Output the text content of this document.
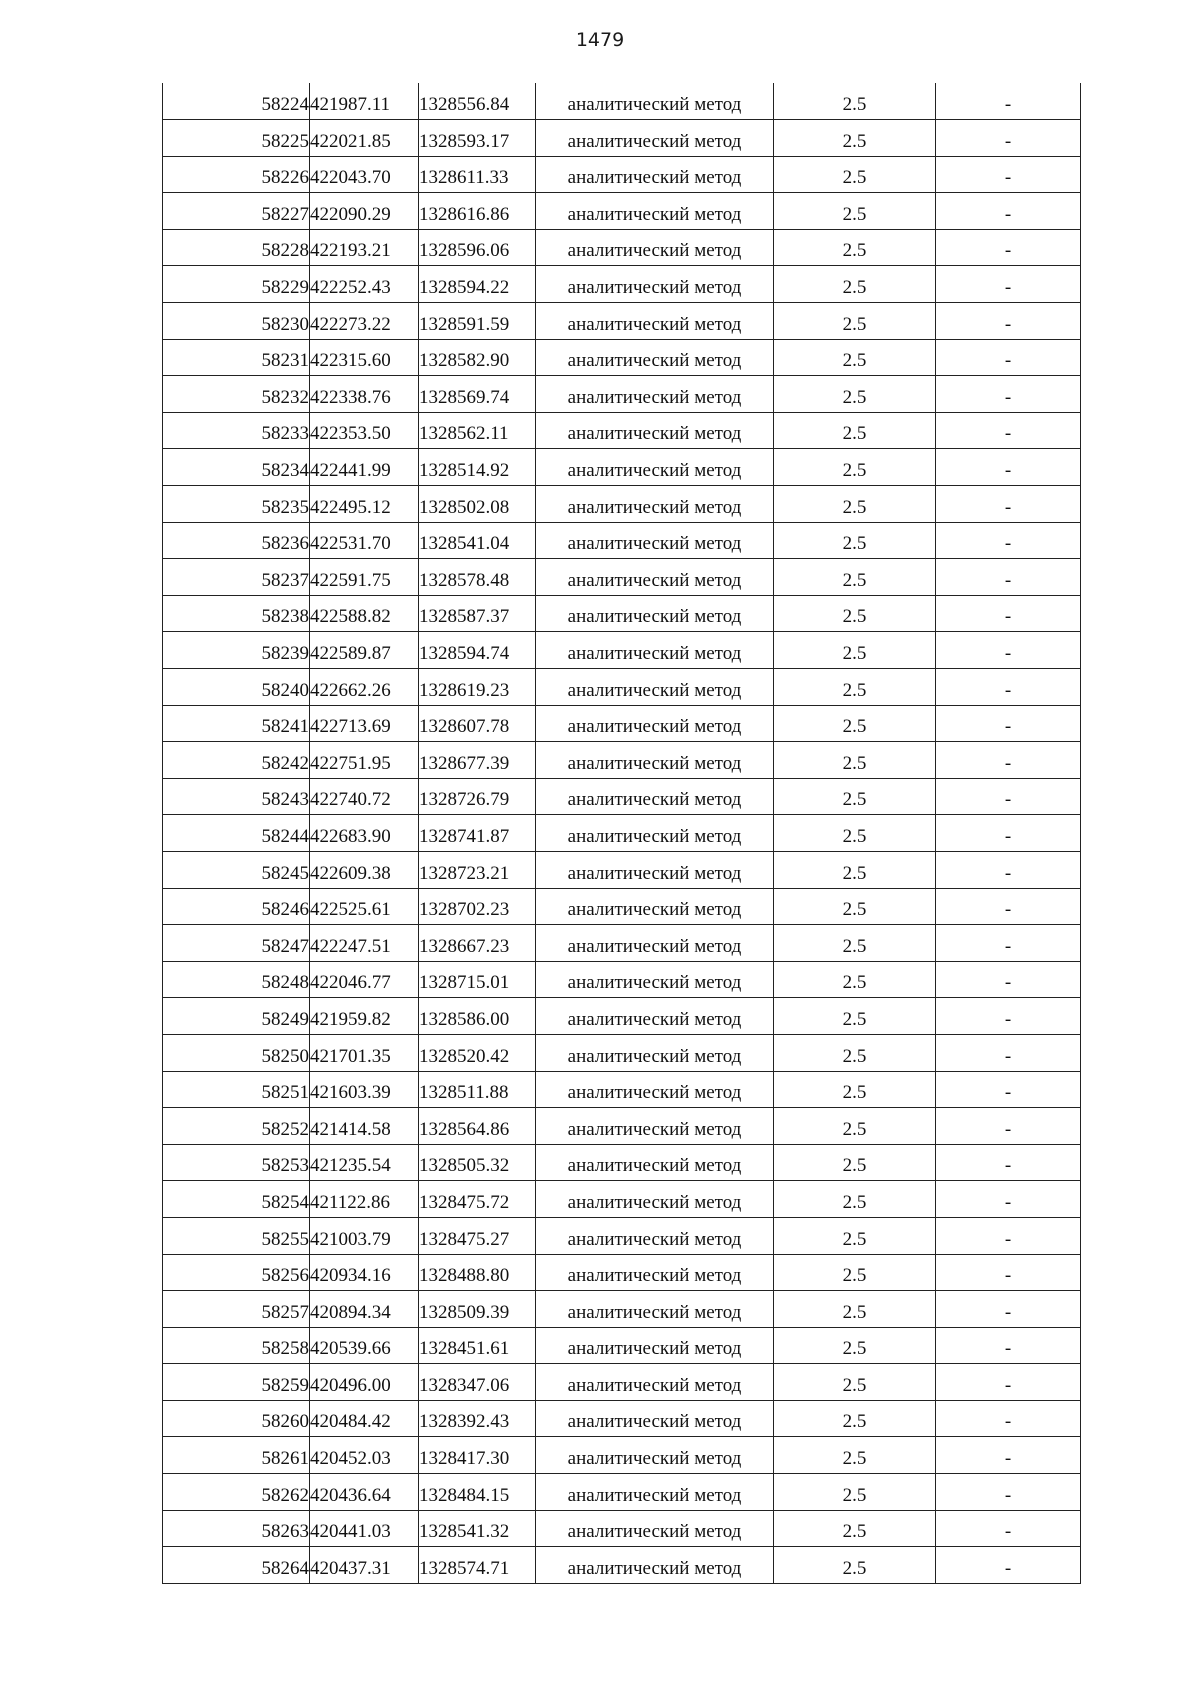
1479
58224	421987.11	1328556.84	аналитический метод	2.5	-
58225	422021.85	1328593.17	аналитический метод	2.5	-
58226	422043.70	1328611.33	аналитический метод	2.5	-
58227	422090.29	1328616.86	аналитический метод	2.5	-
58228	422193.21	1328596.06	аналитический метод	2.5	-
58229	422252.43	1328594.22	аналитический метод	2.5	-
58230	422273.22	1328591.59	аналитический метод	2.5	-
58231	422315.60	1328582.90	аналитический метод	2.5	-
58232	422338.76	1328569.74	аналитический метод	2.5	-
58233	422353.50	1328562.11	аналитический метод	2.5	-
58234	422441.99	1328514.92	аналитический метод	2.5	-
58235	422495.12	1328502.08	аналитический метод	2.5	-
58236	422531.70	1328541.04	аналитический метод	2.5	-
58237	422591.75	1328578.48	аналитический метод	2.5	-
58238	422588.82	1328587.37	аналитический метод	2.5	-
58239	422589.87	1328594.74	аналитический метод	2.5	-
58240	422662.26	1328619.23	аналитический метод	2.5	-
58241	422713.69	1328607.78	аналитический метод	2.5	-
58242	422751.95	1328677.39	аналитический метод	2.5	-
58243	422740.72	1328726.79	аналитический метод	2.5	-
58244	422683.90	1328741.87	аналитический метод	2.5	-
58245	422609.38	1328723.21	аналитический метод	2.5	-
58246	422525.61	1328702.23	аналитический метод	2.5	-
58247	422247.51	1328667.23	аналитический метод	2.5	-
58248	422046.77	1328715.01	аналитический метод	2.5	-
58249	421959.82	1328586.00	аналитический метод	2.5	-
58250	421701.35	1328520.42	аналитический метод	2.5	-
58251	421603.39	1328511.88	аналитический метод	2.5	-
58252	421414.58	1328564.86	аналитический метод	2.5	-
58253	421235.54	1328505.32	аналитический метод	2.5	-
58254	421122.86	1328475.72	аналитический метод	2.5	-
58255	421003.79	1328475.27	аналитический метод	2.5	-
58256	420934.16	1328488.80	аналитический метод	2.5	-
58257	420894.34	1328509.39	аналитический метод	2.5	-
58258	420539.66	1328451.61	аналитический метод	2.5	-
58259	420496.00	1328347.06	аналитический метод	2.5	-
58260	420484.42	1328392.43	аналитический метод	2.5	-
58261	420452.03	1328417.30	аналитический метод	2.5	-
58262	420436.64	1328484.15	аналитический метод	2.5	-
58263	420441.03	1328541.32	аналитический метод	2.5	-
58264	420437.31	1328574.71	аналитический метод	2.5	-
